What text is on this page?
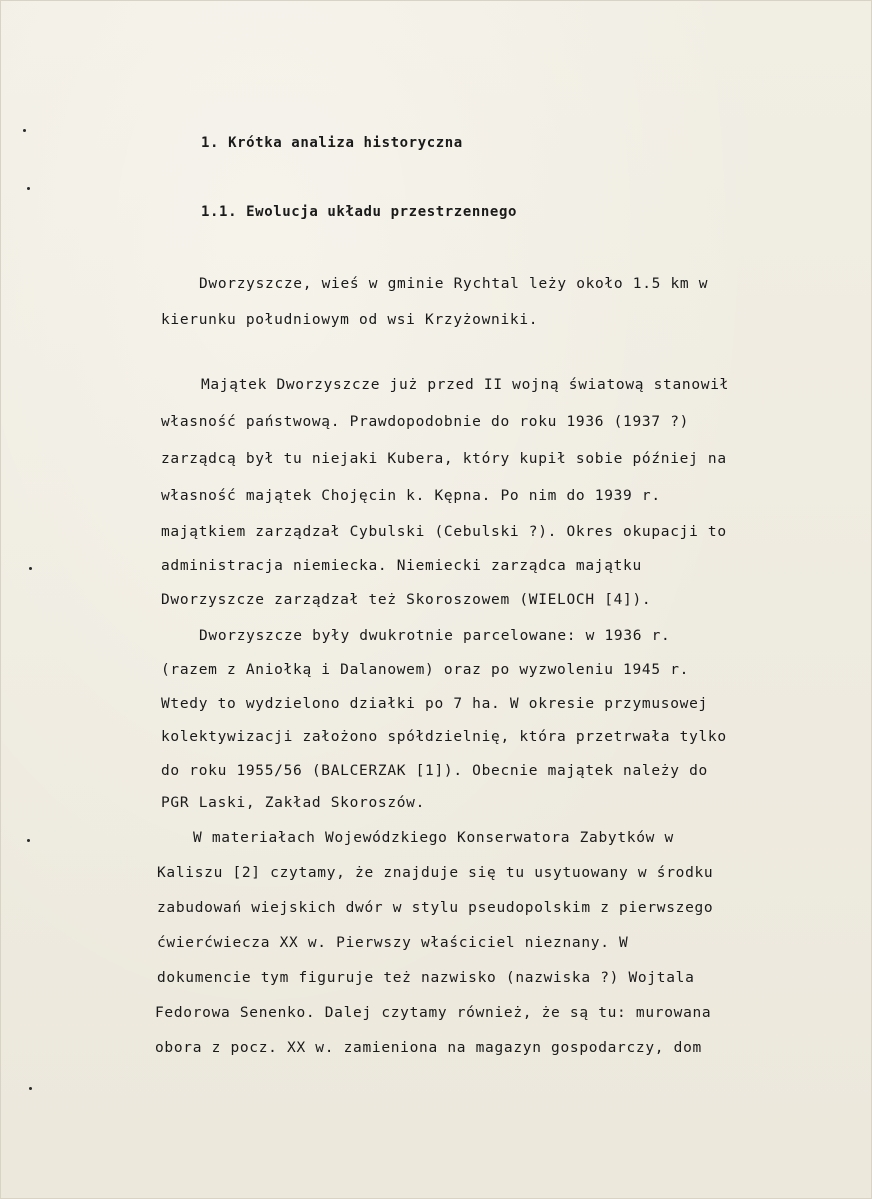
1. Krótka analiza historyczna
1.1. Ewolucja układu przestrzennego
Dworzyszcze, wieś w gminie Rychtal leży około 1.5 km w
kierunku południowym od wsi Krzyżowniki.
Majątek Dworzyszcze już przed II wojną światową stanowił
własność państwową. Prawdopodobnie do roku 1936 (1937 ?)
zarządcą był tu niejaki Kubera, który kupił sobie później na
własność majątek Chojęcin k. Kępna. Po nim do 1939 r.
majątkiem zarządzał Cybulski (Cebulski ?). Okres okupacji to
administracja niemiecka. Niemiecki zarządca majątku
Dworzyszcze zarządzał też Skoroszowem (WIELOCH [4]).
Dworzyszcze były dwukrotnie parcelowane: w 1936 r.
(razem z Aniołką i Dalanowem) oraz po wyzwoleniu 1945 r.
Wtedy to wydzielono działki po 7 ha. W okresie przymusowej
kolektywizacji założono spółdzielnię, która przetrwała tylko
do roku 1955/56 (BALCERZAK [1]). Obecnie majątek należy do
PGR Laski, Zakład Skoroszów.
W materiałach Wojewódzkiego Konserwatora Zabytków w
Kaliszu [2] czytamy, że znajduje się tu usytuowany w środku
zabudowań wiejskich dwór w stylu pseudopolskim z pierwszego
ćwierćwiecza XX w. Pierwszy właściciel nieznany. W
dokumencie tym figuruje też nazwisko (nazwiska ?) Wojtala
Fedorowa Senenko. Dalej czytamy również, że są tu: murowana
obora z pocz. XX w. zamieniona na magazyn gospodarczy, dom
